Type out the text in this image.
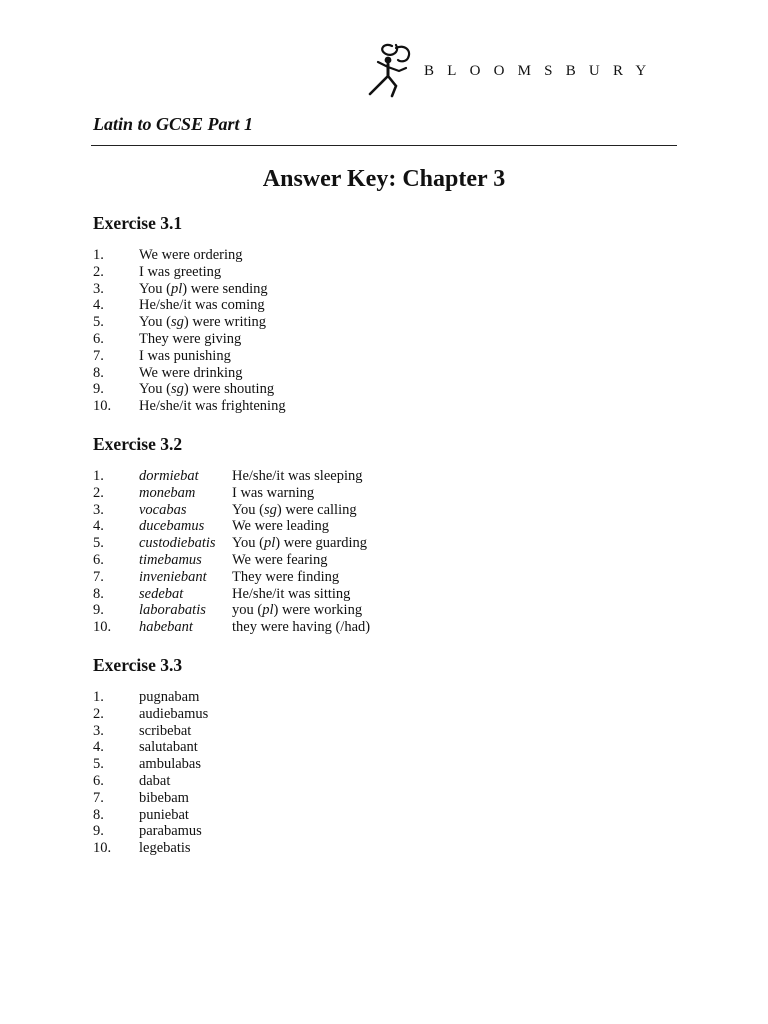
BLOOMSBURY
Latin to GCSE Part 1
Answer Key: Chapter 3
Exercise 3.1
1. We were ordering
2. I was greeting
3. You (pl) were sending
4. He/she/it was coming
5. You (sg) were writing
6. They were giving
7. I was punishing
8. We were drinking
9. You (sg) were shouting
10. He/she/it was frightening
Exercise 3.2
1. dormiebat He/she/it was sleeping
2. monebam	I was warning
3. vocabas	You (sg) were calling
4. ducebamus We were leading
5. custodiebatis You (pl) were guarding
6. timebamus We were fearing
7. inveniebant They were finding
8. sedebat	He/she/it was sitting
9. laborabatis you (pl) were working
10. habebant	they were having (/had)
Exercise 3.3
1. pugnabam
2. audiebamus
3. scribebat
4. salutabant
5. ambulabas
6. dabat
7. bibebam
8. puniebat
9. parabamus
10. legebatis
